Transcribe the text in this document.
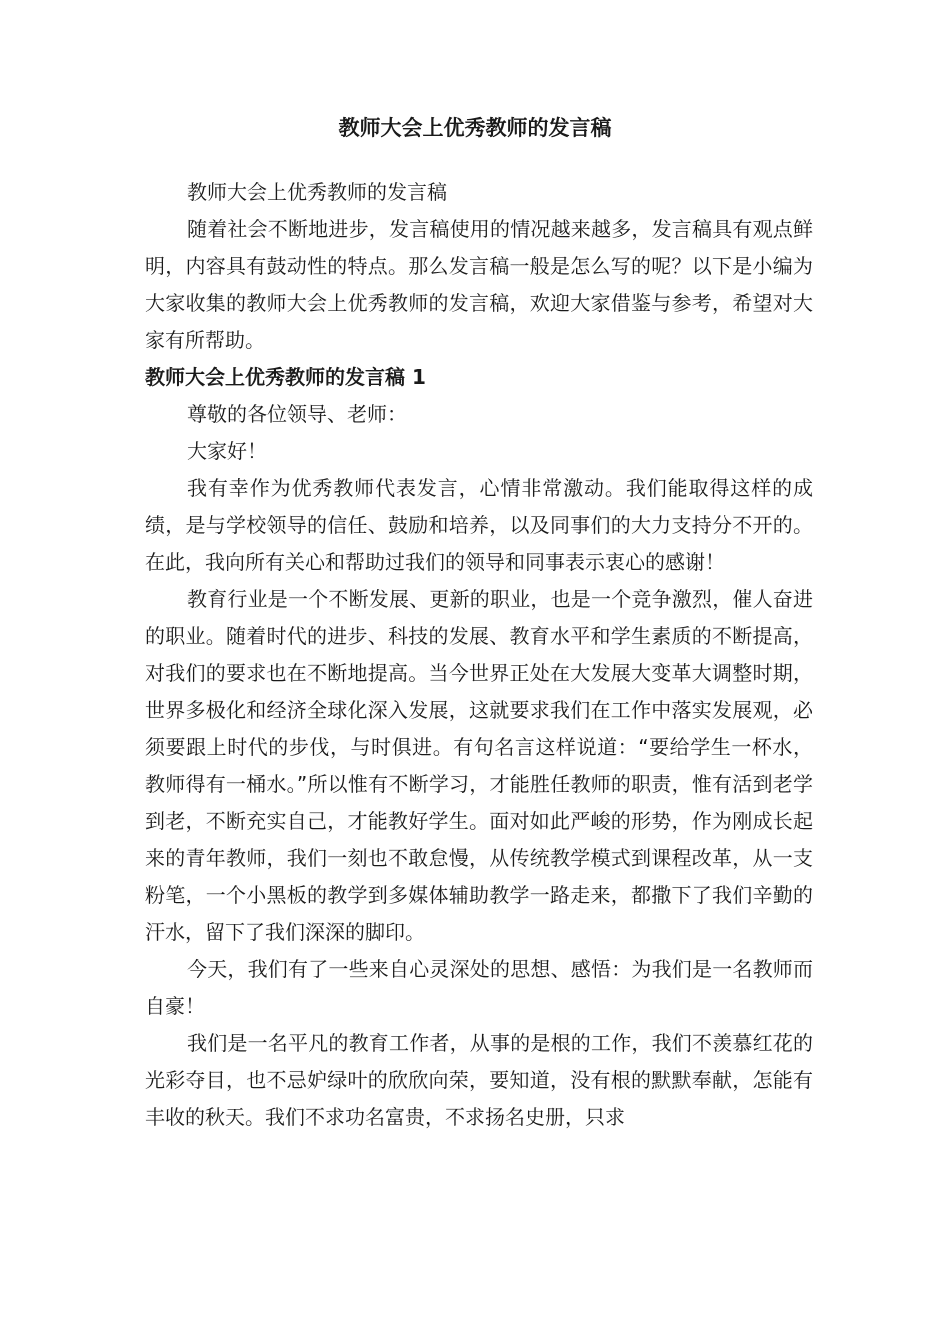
教师大会上优秀教师的发言稿

教师大会上优秀教师的发言稿

随着社会不断地进步，发言稿使用的情况越来越多，发言稿具有观点鲜明，内容具有鼓动性的特点。那么发言稿一般是怎么写的呢？以下是小编为大家收集的教师大会上优秀教师的发言稿，欢迎大家借鉴与参考，希望对大家有所帮助。

教师大会上优秀教师的发言稿 1

尊敬的各位领导、老师：

大家好！

我有幸作为优秀教师代表发言，心情非常激动。我们能取得这样的成绩，是与学校领导的信任、鼓励和培养，以及同事们的大力支持分不开的。在此，我向所有关心和帮助过我们的领导和同事表示衷心的感谢！

教育行业是一个不断发展、更新的职业，也是一个竞争激烈，催人奋进的职业。随着时代的进步、科技的发展、教育水平和学生素质的不断提高，对我们的要求也在不断地提高。当今世界正处在大发展大变革大调整时期，世界多极化和经济全球化深入发展，这就要求我们在工作中落实发展观，必须要跟上时代的步伐，与时俱进。有句名言这样说道：“要给学生一杯水，教师得有一桶水。”所以惟有不断学习，才能胜任教师的职责，惟有活到老学到老，不断充实自己，才能教好学生。面对如此严峻的形势，作为刚成长起来的青年教师，我们一刻也不敢怠慢，从传统教学模式到课程改革，从一支粉笔，一个小黑板的教学到多媒体辅助教学一路走来，都撒下了我们辛勤的汗水，留下了我们深深的脚印。

今天，我们有了一些来自心灵深处的思想、感悟：为我们是一名教师而自豪！

我们是一名平凡的教育工作者，从事的是根的工作，我们不羡慕红花的光彩夺目，也不忌妒绿叶的欣欣向荣，要知道，没有根的默默奉献，怎能有丰收的秋天。我们不求功名富贵，不求扬名史册，只求
